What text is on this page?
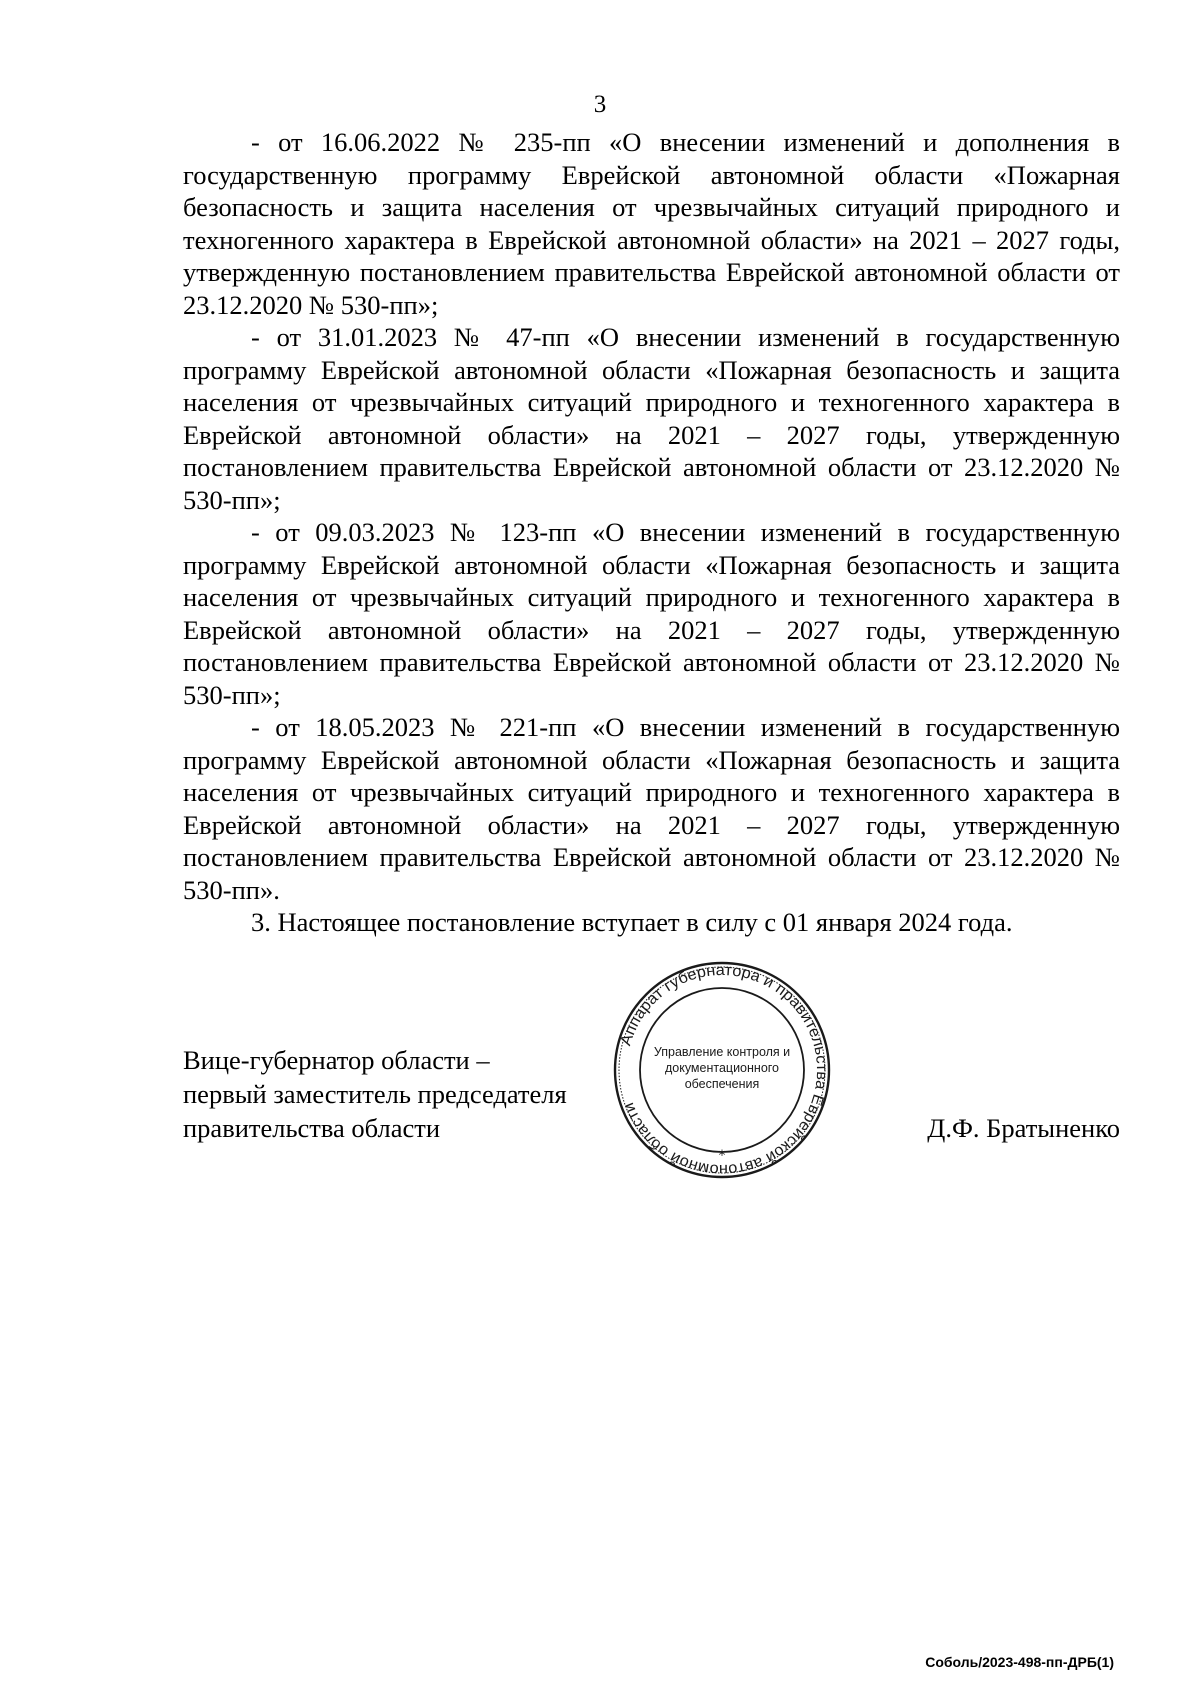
3

- от 16.06.2022 № 235-пп «О внесении изменений и дополнения в государственную программу Еврейской автономной области «Пожарная безопасность и защита населения от чрезвычайных ситуаций природного и техногенного характера в Еврейской автономной области» на 2021 – 2027 годы, утвержденную постановлением правительства Еврейской автономной области от 23.12.2020 № 530-пп»;

- от 31.01.2023 № 47-пп «О внесении изменений в государственную программу Еврейской автономной области «Пожарная безопасность и защита населения от чрезвычайных ситуаций природного и техногенного характера в Еврейской автономной области» на 2021 – 2027 годы, утвержденную постановлением правительства Еврейской автономной области от 23.12.2020 № 530-пп»;

- от 09.03.2023 № 123-пп «О внесении изменений в государственную программу Еврейской автономной области «Пожарная безопасность и защита населения от чрезвычайных ситуаций природного и техногенного характера в Еврейской автономной области» на 2021 – 2027 годы, утвержденную постановлением правительства Еврейской автономной области от 23.12.2020 № 530-пп»;

- от 18.05.2023 № 221-пп «О внесении изменений в государственную программу Еврейской автономной области «Пожарная безопасность и защита населения от чрезвычайных ситуаций природного и техногенного характера в Еврейской автономной области» на 2021 – 2027 годы, утвержденную постановлением правительства Еврейской автономной области от 23.12.2020 № 530-пп».

3. Настоящее постановление вступает в силу с 01 января 2024 года.

Вице-губернатор области –
первый заместитель председателя
правительства области
Аппарат губернатора и правительства Еврейской автономной области
Управление контроля и
документационного
обеспечения
*
Д.Ф. Братыненко
Соболь/2023-498-пп-ДРБ(1)
